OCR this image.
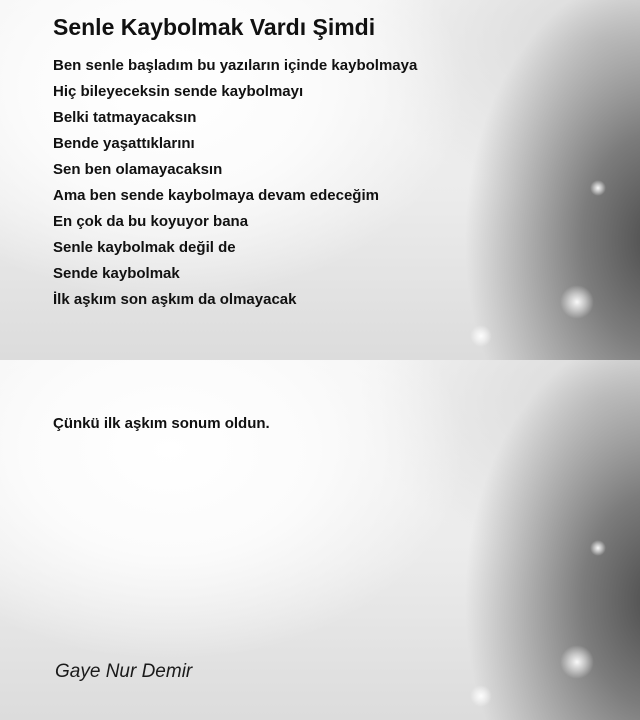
Senle Kaybolmak Vardı Şimdi
Ben senle başladım bu yazıların içinde kaybolmaya
Hiç bileyeceksin sende kaybolmayı
Belki tatmayacaksın
Bende yaşattıklarını
Sen ben olamayacaksın
Ama ben sende kaybolmaya devam edeceğim
En çok da bu koyuyor bana
Senle kaybolmak değil de
Sende kaybolmak
İlk aşkım son aşkım da olmayacak

Çünkü ilk aşkım sonum oldun.

Gaye Nur Demir
